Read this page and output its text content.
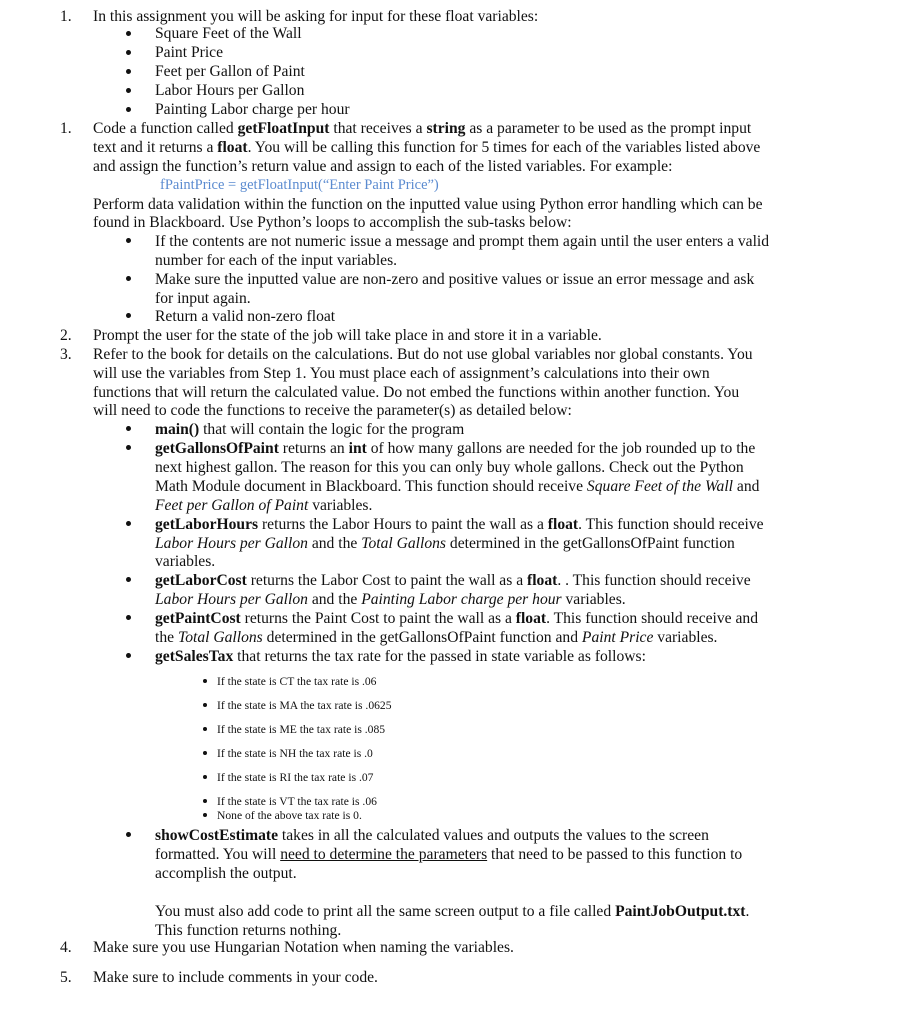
1. In this assignment you will be asking for input for these float variables:
Square Feet of the Wall
Paint Price
Feet per Gallon of Paint
Labor Hours per Gallon
Painting Labor charge per hour
1. Code a function called getFloatInput that receives a string as a parameter to be used as the prompt input
text and it returns a float. You will be calling this function for 5 times for each of the variables listed above
and assign the function’s return value and assign to each of the listed variables. For example:
fPaintPrice = getFloatInput(“Enter Paint Price”)
Perform data validation within the function on the inputted value using Python error handling which can be
found in Blackboard. Use Python’s loops to accomplish the sub-tasks below:
If the contents are not numeric issue a message and prompt them again until the user enters a valid
number for each of the input variables.
Make sure the inputted value are non-zero and positive values or issue an error message and ask
for input again.
Return a valid non-zero float
2. Prompt the user for the state of the job will take place in and store it in a variable.
3. Refer to the book for details on the calculations. But do not use global variables nor global constants. You
will use the variables from Step 1. You must place each of assignment’s calculations into their own
functions that will return the calculated value. Do not embed the functions within another function. You
will need to code the functions to receive the parameter(s) as detailed below:
main() that will contain the logic for the program
getGallonsOfPaint returns an int of how many gallons are needed for the job rounded up to the
next highest gallon. The reason for this you can only buy whole gallons. Check out the Python
Math Module document in Blackboard. This function should receive Square Feet of the Wall and
Feet per Gallon of Paint variables.
getLaborHours returns the Labor Hours to paint the wall as a float. This function should receive
Labor Hours per Gallon and the Total Gallons determined in the getGallonsOfPaint function
variables.
getLaborCost returns the Labor Cost to paint the wall as a float. . This function should receive
Labor Hours per Gallon and the Painting Labor charge per hour variables.
getPaintCost returns the Paint Cost to paint the wall as a float. This function should receive and
the Total Gallons determined in the getGallonsOfPaint function and Paint Price variables.
getSalesTax that returns the tax rate for the passed in state variable as follows:
If the state is CT the tax rate is .06
If the state is MA the tax rate is .0625
If the state is ME the tax rate is .085
If the state is NH the tax rate is .0
If the state is RI the tax rate is .07
If the state is VT the tax rate is .06
None of the above tax rate is 0.
showCostEstimate takes in all the calculated values and outputs the values to the screen
formatted. You will need to determine the parameters that need to be passed to this function to
accomplish the output.
You must also add code to print all the same screen output to a file called PaintJobOutput.txt.
This function returns nothing.
4. Make sure you use Hungarian Notation when naming the variables.
5. Make sure to include comments in your code.
